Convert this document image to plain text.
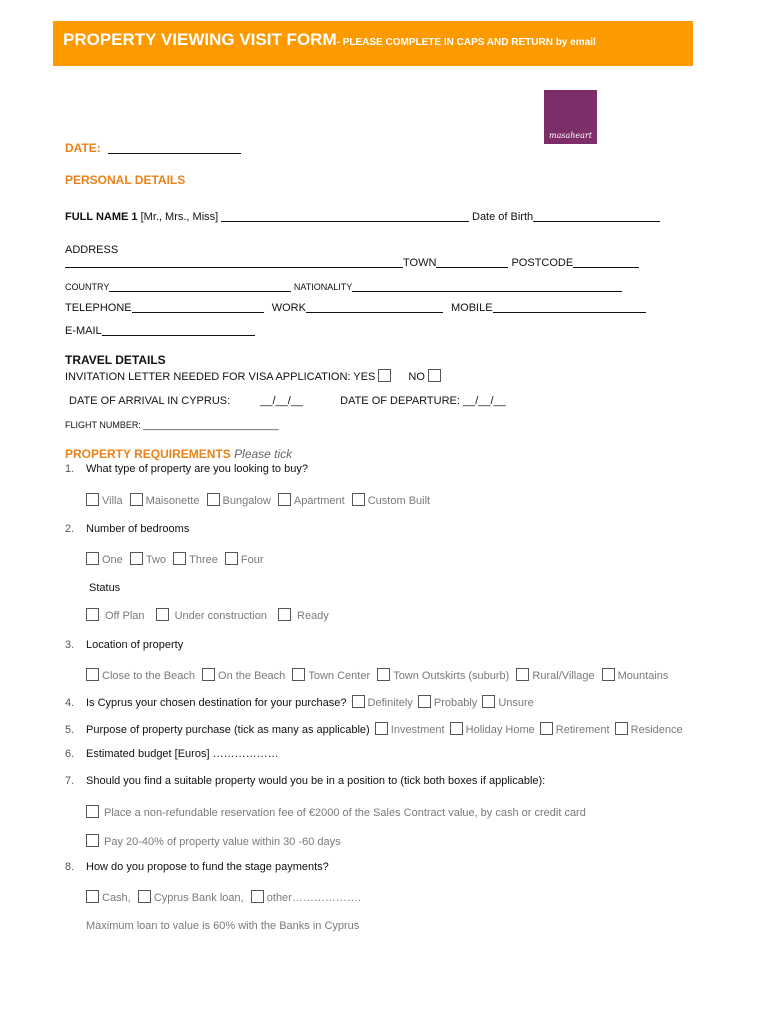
PROPERTY VIEWING VISIT FORM- PLEASE COMPLETE IN CAPS AND RETURN by email
masaheart
DATE:
PERSONAL DETAILS
FULL NAME 1 [Mr., Mrs., Miss]	Date of Birth
ADDRESS
TOWN	POSTCODE
COUNTRY	NATIONALITY
TELEPHONE	WORK	MOBILE
E-MAIL
TRAVEL DETAILS
INVITATION LETTER NEEDED FOR VISA APPLICATION: YES	NO
DATE OF ARRIVAL IN CYPRUS:	__/__/__	DATE OF DEPARTURE: __/__/__
FLIGHT NUMBER: ___________________________
PROPERTY REQUIREMENTS Please tick
1. What type of property are you looking to buy?
Villa Maisonette Bungalow Apartment Custom Built
2. Number of bedrooms
One Two Three Four
Status
Off Plan	Under construction	Ready
3. Location of property
Close to the Beach On the Beach Town Center Town Outskirts (suburb) Rural/Village Mountains
4. Is Cyprus your chosen destination for your purchase? Definitely Probably Unsure
5. Purpose of property purchase (tick as many as applicable) Investment Holiday Home Retirement Residence
6. Estimated budget [Euros] ………………
7. Should you find a suitable property would you be in a position to (tick both boxes if applicable):
Place a non-refundable reservation fee of €2000 of the Sales Contract value, by cash or credit card
Pay 20-40% of property value within 30 -60 days
8. How do you propose to fund the stage payments?
Cash, Cyprus Bank loan, other……………….
Maximum loan to value is 60% with the Banks in Cyprus
